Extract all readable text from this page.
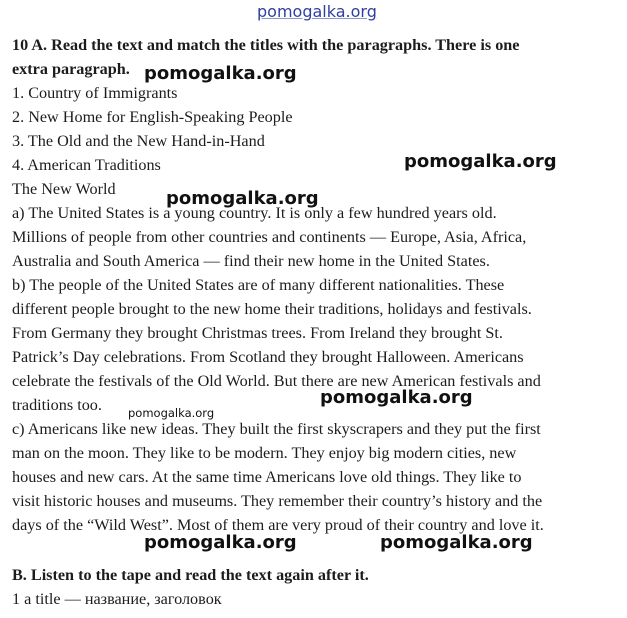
pomogalka.org
10 A. Read the text and match the titles with the paragraphs. There is one
extra paragraph.
1. Country of Immigrants
2. New Home for English-Speaking People
3. The Old and the New Hand-in-Hand
4. American Traditions
The New World
a) The United States is a young country. It is only a few hundred years old.
Millions of people from other countries and continents — Europe, Asia, Africa,
Australia and South America — find their new home in the United States.
b) The people of the United States are of many different nationalities. These
different people brought to the new home their traditions, holidays and festivals.
From Germany they brought Christmas trees. From Ireland they brought St.
Patrick’s Day celebrations. From Scotland they brought Halloween. Americans
celebrate the festivals of the Old World. But there are new American festivals and
traditions too.
c) Americans like new ideas. They built the first skyscrapers and they put the first
man on the moon. They like to be modern. They enjoy big modern cities, new
houses and new cars. At the same time Americans love old things. They like to
visit historic houses and museums. They remember their country’s history and the
days of the “Wild West”. Most of them are very proud of their country and love it.
B. Listen to the tape and read the text again after it.
1 a title — название, заголовок
pomogalka.org
pomogalka.org
pomogalka.org
pomogalka.org
pomogalka.org
pomogalka.org	pomogalka.org
